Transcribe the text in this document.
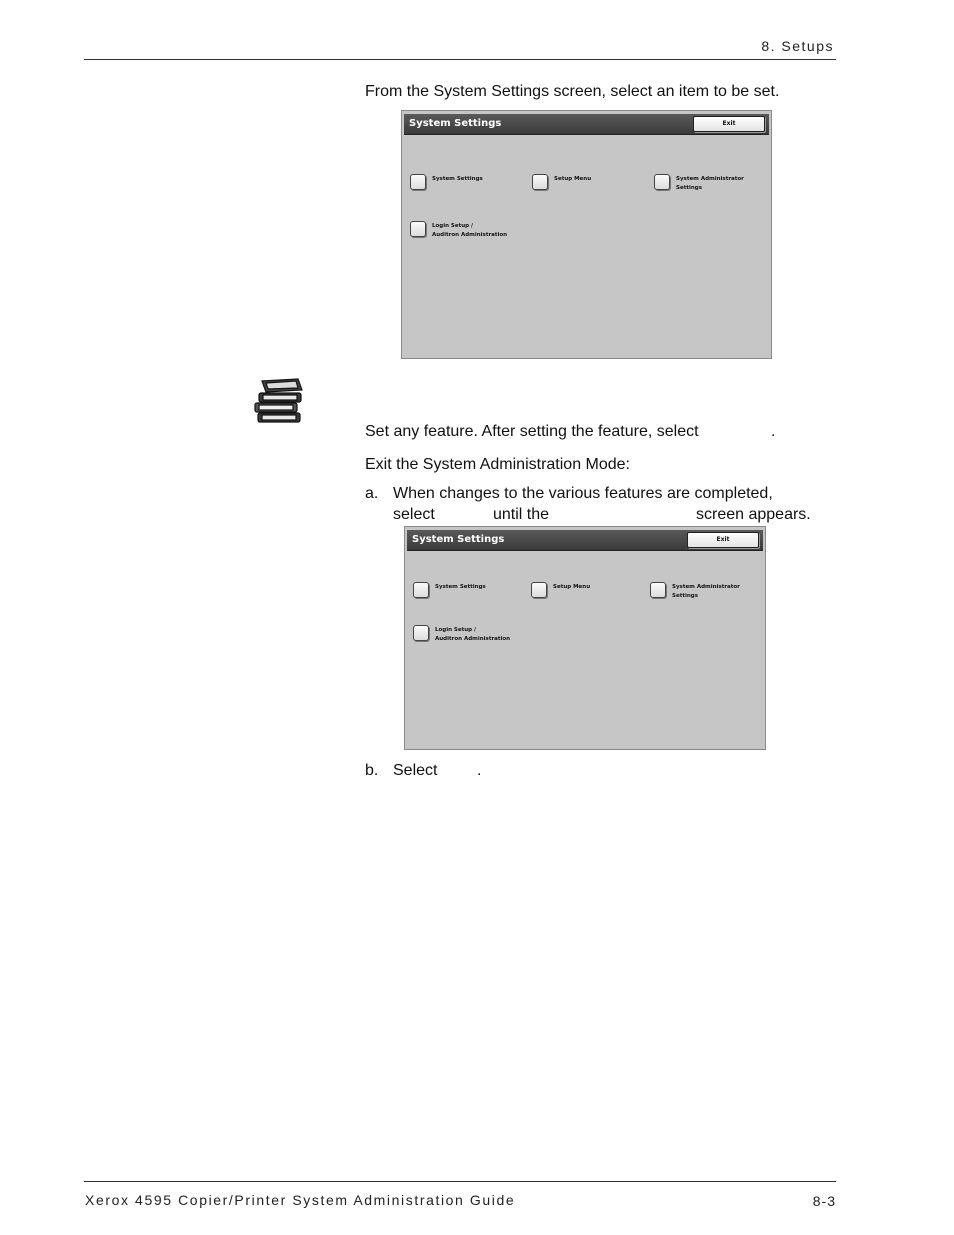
8. Setups
From the System Settings screen, select an item to be set.
System Settings	Exit
System Settings	Setup Menu	System Administrator
Settings
Login Setup /
Auditron Administration
Set any feature. After setting the feature, select	.
Exit the System Administration Mode:
a. When changes to the various features are completed,
select	until the	screen appears.
System Settings	Exit
System Settings	Setup Menu	System Administrator
Settings
Login Setup /
Auditron Administration
b. Select .
Xerox 4595 Copier/Printer System Administration Guide	8-3
